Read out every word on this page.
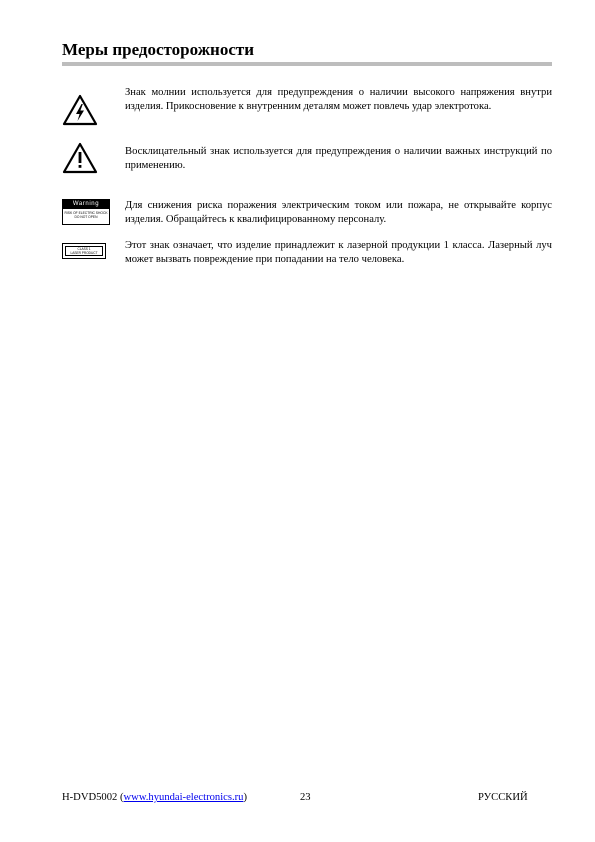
Меры предосторожности

Знак молнии используется для предупреждения о наличии высокого напряжения внутри изделия. Прикосновение к внутренним деталям может повлечь удар электротока.

Восклицательный знак используется для предупреждения о наличии важных инструкций по применению.

Warning
RISK OF ELECTRIC SHOCK
DO NOT OPEN

Для снижения риска поражения электрическим током или пожара, не открывайте корпус изделия. Обращайтесь к квалифицированному персоналу.

CLASS 1
LASER PRODUCT

Этот знак означает, что изделие принадлежит к лазерной продукции 1 класса. Лазерный луч может вызвать повреждение при попадании на тело человека.

H-DVD5002 (www.hyundai-electronics.ru)	23	РУССКИЙ
